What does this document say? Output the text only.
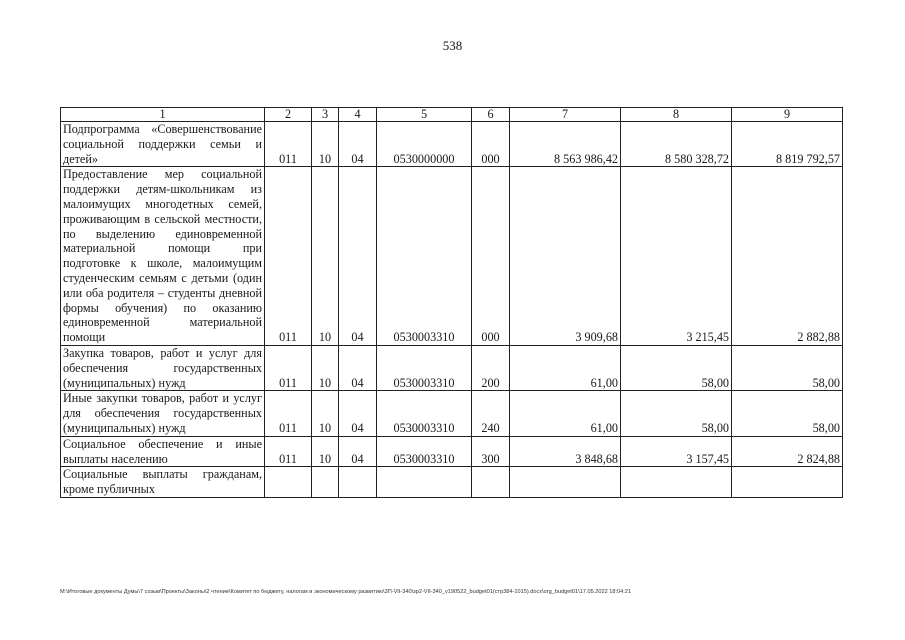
538
1	2	3	4	5	6	7	8	9
Подпрограмма «Совершенствование социальной поддержки семьи и детей»	011	10	04	0530000000	000	8 563 986,42	8 580 328,72	8 819 792,57
Предоставление мер социальной поддержки детям-школьникам из малоимущих многодетных семей, проживающим в сельской местности, по выделению единовременной материальной помощи при подготовке к школе, малоимущим студенческим семьям с детьми (один или оба родителя – студенты дневной формы обучения) по оказанию единовременной материальной помощи	011	10	04	0530003310	000	3 909,68	3 215,45	2 882,88
Закупка товаров, работ и услуг для обеспечения государственных (муниципальных) нужд	011	10	04	0530003310	200	61,00	58,00	58,00
Иные закупки товаров, работ и услуг для обеспечения государственных (муниципальных) нужд	011	10	04	0530003310	240	61,00	58,00	58,00
Социальное обеспечение и иные выплаты населению	011	10	04	0530003310	300	3 848,68	3 157,45	2 824,88
Социальные выплаты гражданам, кроме публичных								
M:\Итоговые документы Думы\7 созыв\Проекты\Законы\2 чтение\Комитет по бюджету, налогам и экономическому развитию\3П-VII-340\зр2-VII-340_v190522_budget01(стр384-1015).docx\org_budget01\17.05.2022 18:04:21
